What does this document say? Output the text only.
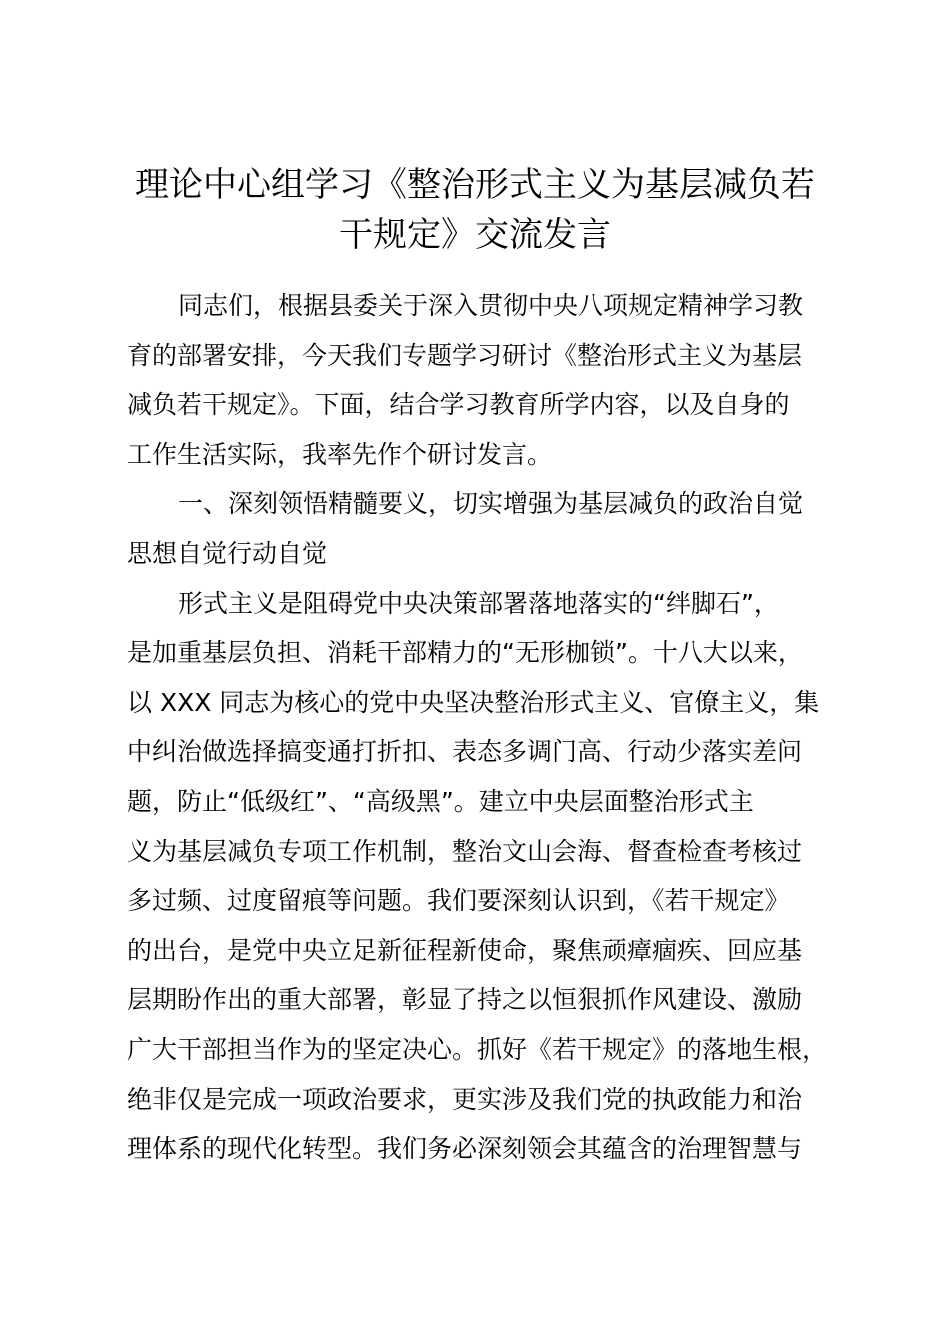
理论中心组学习《整治形式主义为基层减负若
干规定》交流发言

同志们，根据县委关于深入贯彻中央八项规定精神学习教
育的部署安排，今天我们专题学习研讨《整治形式主义为基层
减负若干规定》。下面，结合学习教育所学内容，以及自身的
工作生活实际，我率先作个研讨发言。

一、深刻领悟精髓要义，切实增强为基层减负的政治自觉
思想自觉行动自觉

形式主义是阻碍党中央决策部署落地落实的“绊脚石”，
是加重基层负担、消耗干部精力的“无形枷锁”。十八大以来，
以 XXX 同志为核心的党中央坚决整治形式主义、官僚主义，集
中纠治做选择搞变通打折扣、表态多调门高、行动少落实差问
题，防止“低级红”、“高级黑”。建立中央层面整治形式主
义为基层减负专项工作机制，整治文山会海、督查检查考核过
多过频、过度留痕等问题。我们要深刻认识到，《若干规定》
的出台，是党中央立足新征程新使命，聚焦顽瘴痼疾、回应基
层期盼作出的重大部署，彰显了持之以恒狠抓作风建设、激励
广大干部担当作为的坚定决心。抓好《若干规定》的落地生根，
绝非仅是完成一项政治要求，更实涉及我们党的执政能力和治
理体系的现代化转型。我们务必深刻领会其蕴含的治理智慧与
